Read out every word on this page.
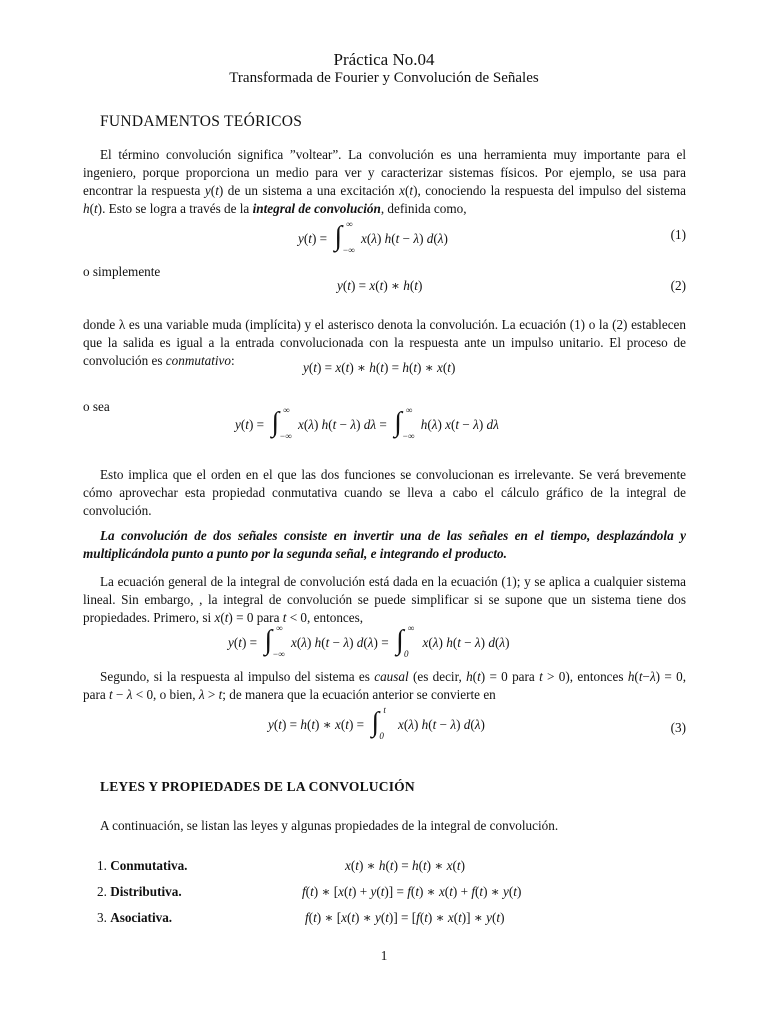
Práctica No.04
Transformada de Fourier y Convolución de Señales
FUNDAMENTOS TEÓRICOS
El término convolución significa ”voltear”. La convolución es una herramienta muy importante para el ingeniero, porque proporciona un medio para ver y caracterizar sistemas físicos. Por ejemplo, se usa para encontrar la respuesta y(t) de un sistema a una excitación x(t), conociendo la respuesta del impulso del sistema h(t). Esto se logra a través de la integral de convolución, definida como,
y(t) = ∫ ∞
−∞
x(λ) h(t − λ) d(λ)	(1)
o simplemente
y(t) = x(t) ∗ h(t)	(2)
donde λ es una variable muda (implícita) y el asterisco denota la convolución. La ecuación (1) o la (2) establecen que la salida es igual a la entrada convolucionada con la respuesta ante un impulso unitario. El proceso de convolución es conmutativo:	y(t) = x(t) ∗ h(t) = h(t) ∗ x(t)
o sea
y(t) = ∫ ∞
−∞
x(λ) h(t − λ) dλ = ∫ ∞
−∞
h(λ) x(t − λ) dλ
Esto implica que el orden en el que las dos funciones se convolucionan es irrelevante. Se verá brevemente cómo aprovechar esta propiedad conmutativa cuando se lleva a cabo el cálculo gráfico de la integral de convolución.
La convolución de dos señales consiste en invertir una de las señales en el tiempo, desplazándola y multiplicándola punto a punto por la segunda señal, e integrando el producto.
La ecuación general de la integral de convolución está dada en la ecuación (1); y se aplica a cualquier sistema lineal. Sin embargo, , la integral de convolución se puede simplificar si se supone que un sistema tiene dos propiedades. Primero, si x(t) = 0 para t < 0, entonces,
y(t) = ∫ ∞
−∞
x(λ) h(t − λ) d(λ) = ∫ ∞
0
x(λ) h(t − λ) d(λ)
Segundo, si la respuesta al impulso del sistema es causal (es decir, h(t) = 0 para t > 0), entonces h(t−λ) = 0, para t − λ < 0, o bien, λ > t; de manera que la ecuación anterior se convierte en
y(t) = h(t) ∗ x(t) = ∫ t
0
x(λ) h(t − λ) d(λ)	(3)
LEYES Y PROPIEDADES DE LA CONVOLUCIÓN
A continuación, se listan las leyes y algunas propiedades de la integral de convolución.
1. Conmutativa.	x(t) ∗ h(t) = h(t) ∗ x(t)
2. Distributiva.	f(t) ∗ [x(t) + y(t)] = f(t) ∗ x(t) + f(t) ∗ y(t)
3. Asociativa.	f(t) ∗ [x(t) ∗ y(t)] = [f(t) ∗ x(t)] ∗ y(t)
1
